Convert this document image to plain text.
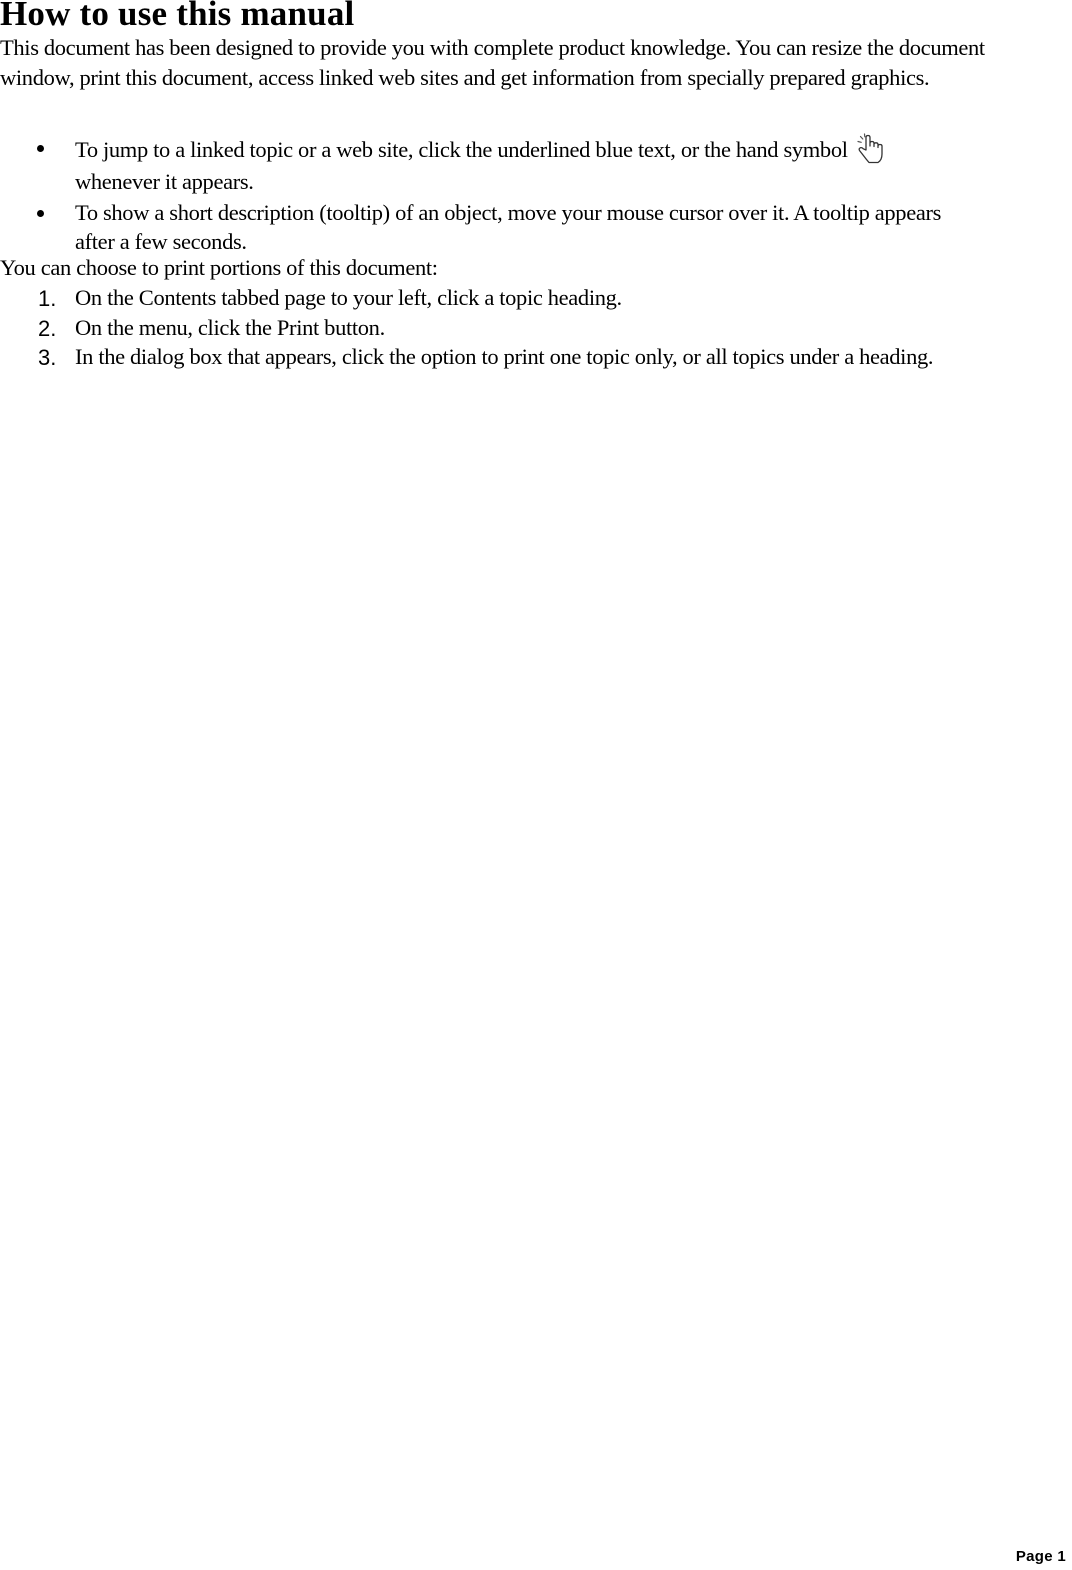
How to use this manual

This document has been designed to provide you with complete product knowledge. You can resize the document window, print this document, access linked web sites and get information from specially prepared graphics.

To jump to a linked topic or a web site, click the underlined blue text, or the hand symbol
whenever it appears.
To show a short description (tooltip) of an object, move your mouse cursor over it. A tooltip appears after a few seconds.

You can choose to print portions of this document:

1. On the Contents tabbed page to your left, click a topic heading.
2. On the menu, click the Print button.
3. In the dialog box that appears, click the option to print one topic only, or all topics under a heading.
Page 1
